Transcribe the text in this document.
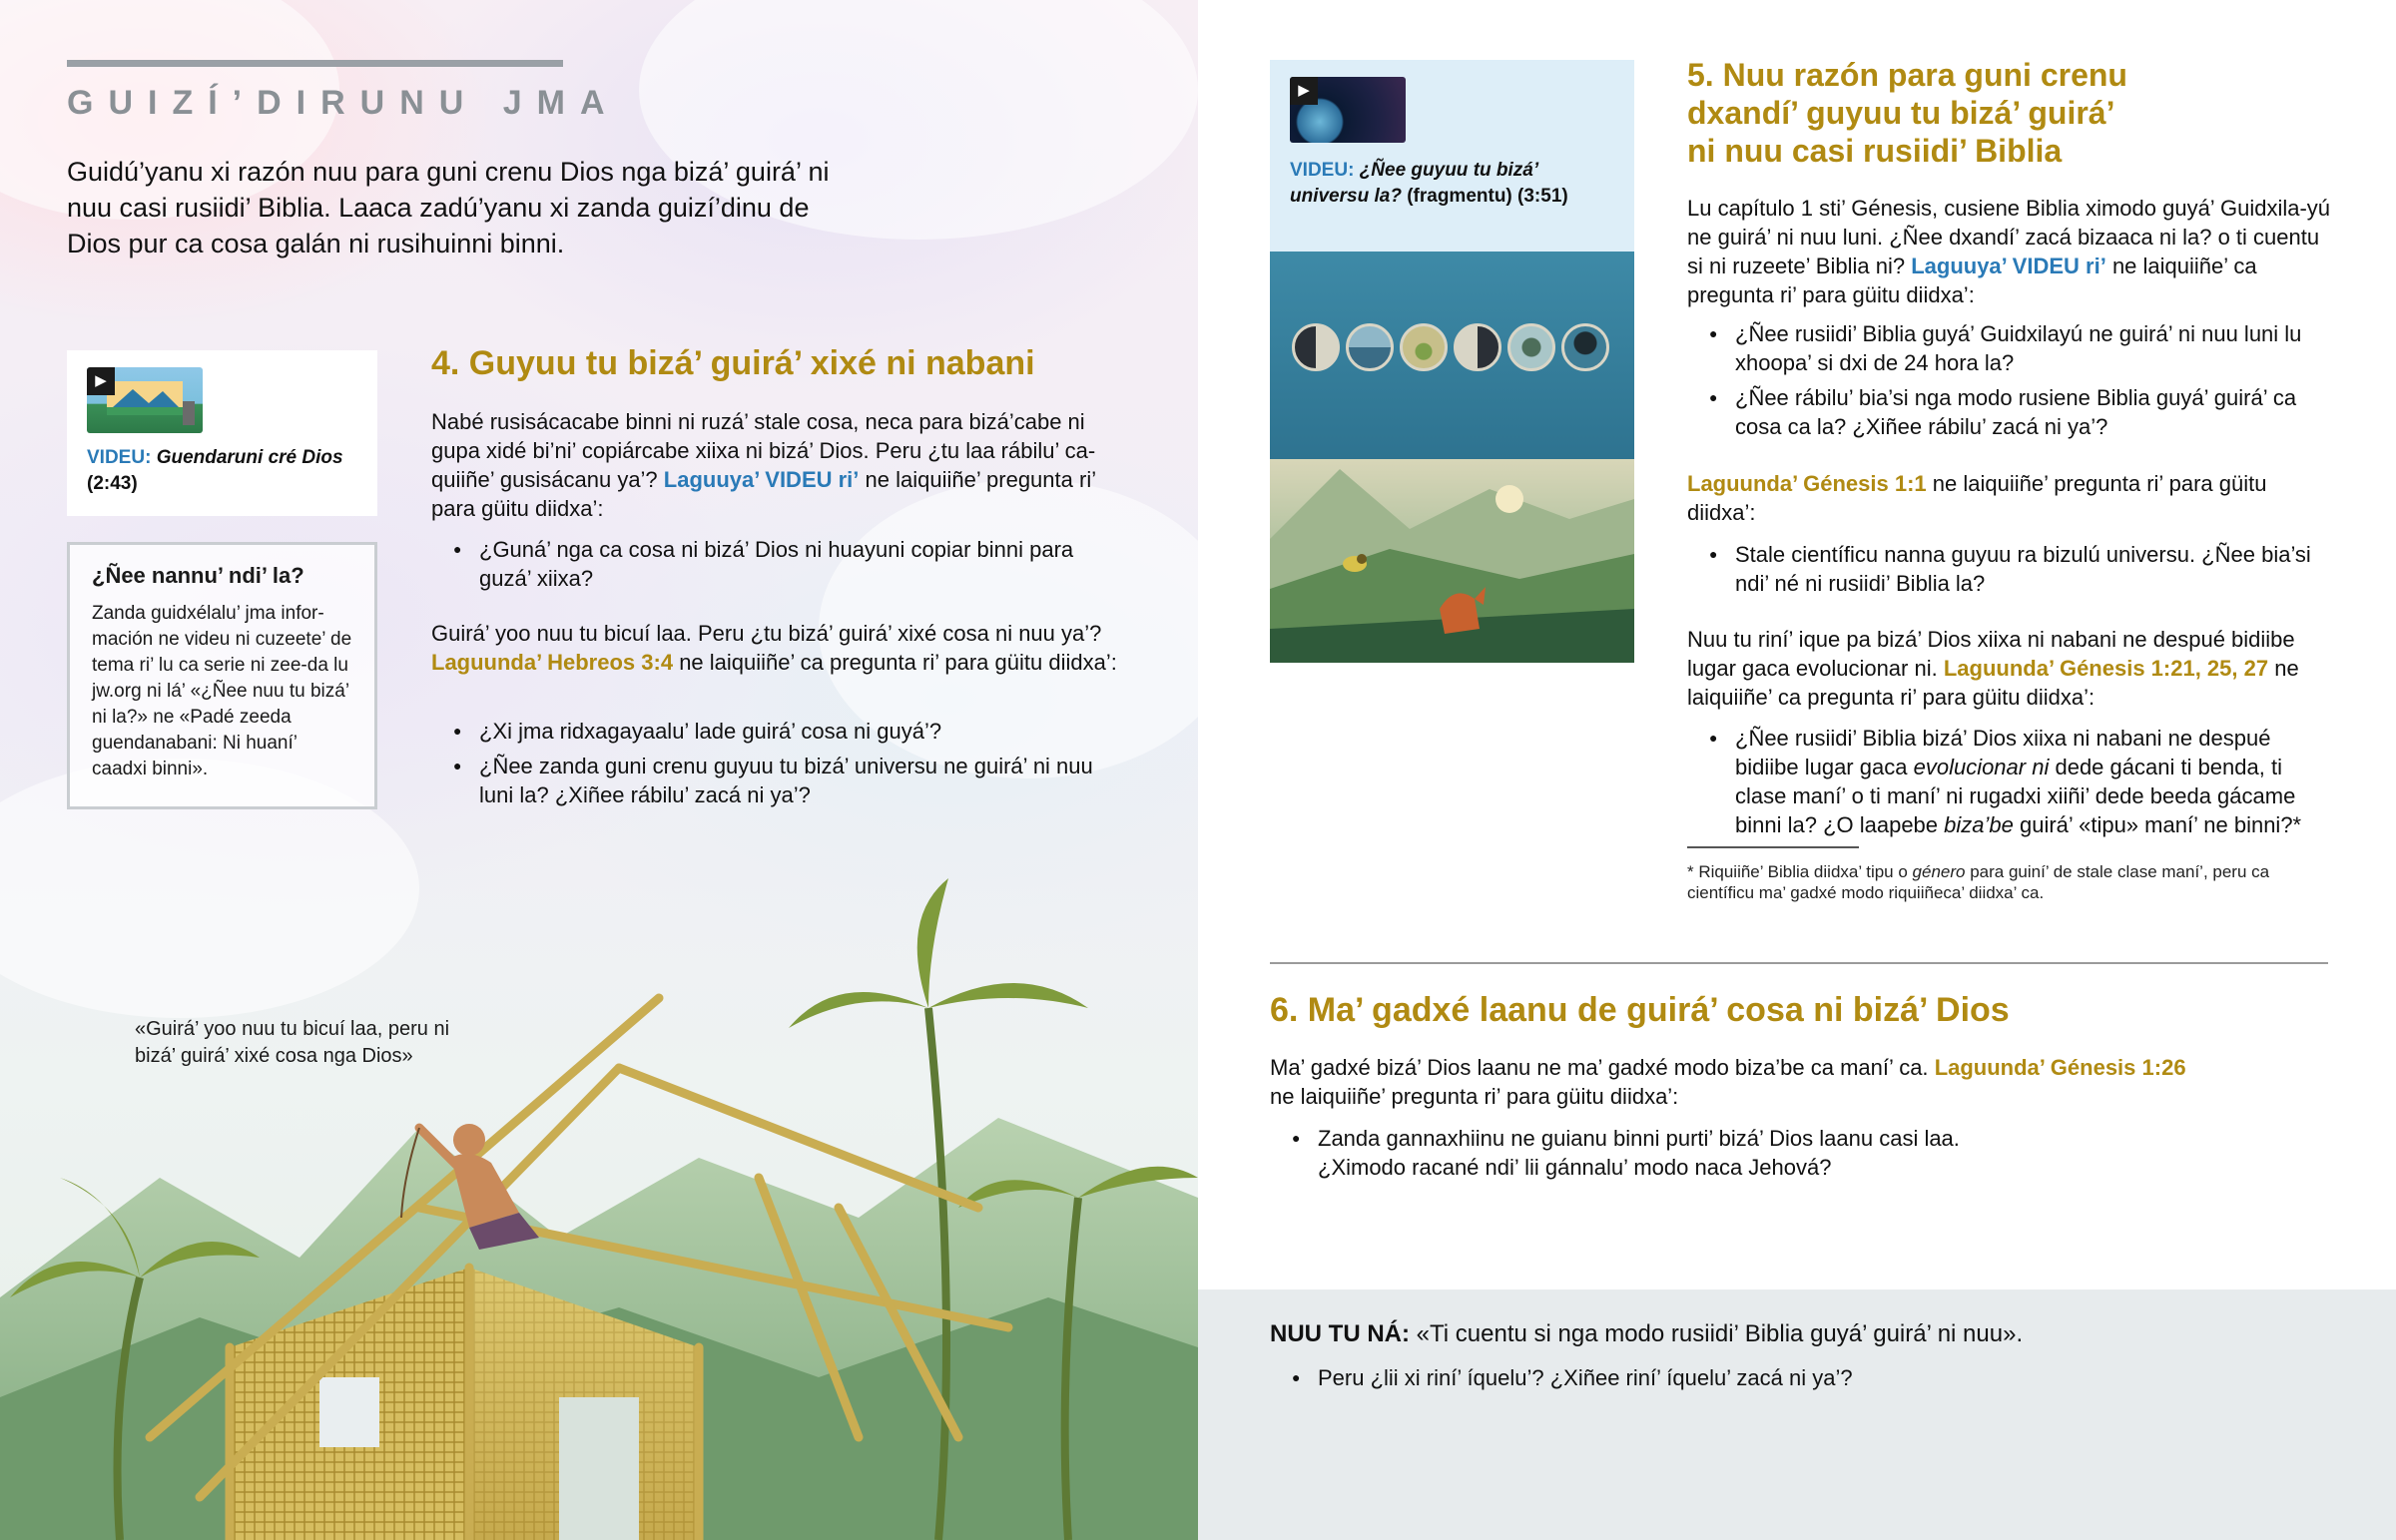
GUIZÍ’DIRUNU JMA

Guidú’yanu xi razón nuu para guni crenu Dios nga bizá’ guirá’ ni nuu casi rusiidi’ Biblia. Laaca zadú’yanu xi zanda guizí’dinu de Dios pur ca cosa galán ni rusihuinni binni.

▶
VIDEU: Guendaruni cré Dios
(2:43)
¿Ñee nannu’ ndi’ la?

Zanda guidxélalu’ jma infor-mación ne videu ni cuzeete’ de tema ri’ lu ca serie ni zee-da lu jw.org ni lá’ «¿Ñee nuu tu bizá’ ni la?» ne «Padé zeeda guendanabani: Ni huaní’ caadxi binni».

4. Guyuu tu bizá’ guirá’ xixé ni nabani

Nabé rusisácacabe binni ni ruzá’ stale cosa, neca para bizá’cabe ni gupa xidé bi’ni’ copiárcabe xiixa ni bizá’ Dios. Peru ¿tu laa rábilu’ ca-quiiñe’ gusisácanu ya’? Laguuya’ VIDEU ri’ ne laiquiiñe’ pregunta ri’ para güitu diidxa’:

● ¿Guná’ nga ca cosa ni bizá’ Dios ni huayuni copiar binni para guzá’ xiixa?

Guirá’ yoo nuu tu bicuí laa. Peru ¿tu bizá’ guirá’ xixé cosa ni nuu ya’? Laguunda’ Hebreos 3:4 ne laiquiiñe’ ca pregunta ri’ para güitu diidxa’:

● ¿Xi jma ridxagayaalu’ lade guirá’ cosa ni guyá’?
● ¿Ñee zanda guni crenu guyuu tu bizá’ universu ne guirá’ ni nuu luni la? ¿Xiñee rábilu’ zacá ni ya’?

«Guirá’ yoo nuu tu bicuí laa, peru ni bizá’ guirá’ xixé cosa nga Dios»

▶
VIDEU: ¿Ñee guyuu tu bizá’ universu la? (fragmentu) (3:51)
5. Nuu razón para guni crenu
dxandí’ guyuu tu bizá’ guirá’
ni nuu casi rusiidi’ Biblia

Lu capítulo 1 sti’ Génesis, cusiene Biblia ximodo guyá’ Guidxila-yú ne guirá’ ni nuu luni. ¿Ñee dxandí’ zacá bizaaca ni la? o ti cuentu si ni ruzeete’ Biblia ni? Laguuya’ VIDEU ri’ ne laiquiiñe’ ca pregunta ri’ para güitu diidxa’:

● ¿Ñee rusiidi’ Biblia guyá’ Guidxilayú ne guirá’ ni nuu luni lu xhoopa’ si dxi de 24 hora la?
● ¿Ñee rábilu’ bia’si nga modo rusiene Biblia guyá’ guirá’ ca cosa ca la? ¿Xiñee rábilu’ zacá ni ya’?

Laguunda’ Génesis 1:1 ne laiquiiñe’ pregunta ri’ para güitu diidxa’:

● Stale científicu nanna guyuu ra bizulú universu. ¿Ñee bia’si ndi’ né ni rusiidi’ Biblia la?

Nuu tu riní’ ique pa bizá’ Dios xiixa ni nabani ne despué bidiibe lugar gaca evolucionar ni. Laguunda’ Génesis 1:21, 25, 27 ne laiquiiñe’ ca pregunta ri’ para güitu diidxa’:

● ¿Ñee rusiidi’ Biblia bizá’ Dios xiixa ni nabani ne despué bidiibe lugar gaca evolucionar ni dede gácani ti benda, ti clase maní’ o ti maní’ ni rugadxi xiiñi’ dede beeda gácame binni la? ¿O laapebe biza’be guirá’ «tipu» maní’ ne binni?*

* Riquiiñe’ Biblia diidxa’ tipu o género para guiní’ de stale clase maní’, peru ca científicu ma’ gadxé modo riquiiñeca’ diidxa’ ca.

6. Ma’ gadxé laanu de guirá’ cosa ni bizá’ Dios

Ma’ gadxé bizá’ Dios laanu ne ma’ gadxé modo biza’be ca maní’ ca. Laguunda’ Génesis 1:26
ne laiquiiñe’ pregunta ri’ para güitu diidxa’:

● Zanda gannaxhiinu ne guianu binni purti’ bizá’ Dios laanu casi laa. ¿Ximodo racané ndi’ lii gánnalu’ modo naca Jehová?

NUU TU NÁ: «Ti cuentu si nga modo rusiidi’ Biblia guyá’ guirá’ ni nuu».

● Peru ¿lii xi riní’ íquelu’? ¿Xiñee riní’ íquelu’ zacá ni ya’?
